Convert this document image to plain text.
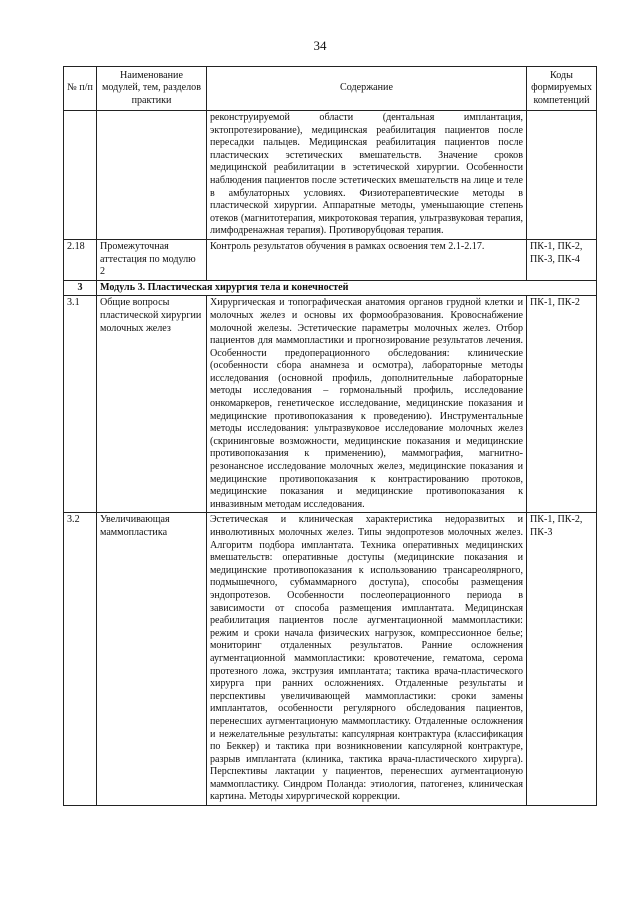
34
№ п/п	Наименование модулей, тем, разделов практики	Содержание	Коды формируемых компетенций
		реконструируемой области (дентальная имплантация, эктопротезирование), медицинская реабилитация пациентов после пересадки пальцев. Медицинская реабилитация пациентов после пластических эстетических вмешательств. Значение сроков медицинской реабилитации в эстетической хирургии. Особенности наблюдения пациентов после эстетических вмешательств на лице и теле в амбулаторных условиях. Физиотерапевтические методы в пластической хирургии. Аппаратные методы, уменьшающие степень отеков (магнитотерапия, микротоковая терапия, ультразвуковая терапия, лимфодренажная терапия). Противорубцовая терапия.	
2.18	Промежуточная аттестация по модулю 2	Контроль результатов обучения в рамках освоения тем 2.1-2.17.	ПК-1, ПК-2, ПК-3, ПК-4
3	Модуль 3. Пластическая хирургия тела и конечностей		
3.1	Общие вопросы пластической хирургии молочных желез	Хирургическая и топографическая анатомия органов грудной клетки и молочных желез и основы их формообразования. Кровоснабжение молочной железы. Эстетические параметры молочных желез. Отбор пациентов для маммопластики и прогнозирование результатов лечения. Особенности предоперационного обследования: клинические (особенности сбора анамнеза и осмотра), лабораторные методы исследования (основной профиль, дополнительные лабораторные методы исследования – гормональный профиль, исследование онкомаркеров, генетическое исследование, медицинские показания и медицинские противопоказания к проведению). Инструментальные методы исследования: ультразвуковое исследование молочных желез (скрининговые возможности, медицинские показания и медицинские противопоказания к применению), маммография, магнитно-резонансное исследование молочных желез, медицинские показания и медицинские противопоказания к контрастированию протоков, медицинские показания и медицинские противопоказания к инвазивным методам исследования.	ПК-1, ПК-2
3.2	Увеличивающая маммопластика	Эстетическая и клиническая характеристика недоразвитых и инволютивных молочных желез. Типы эндопротезов молочных желез. Алгоритм подбора имплантата. Техника оперативных медицинских вмешательств: оперативные доступы (медицинские показания и медицинские противопоказания к использованию трансареолярного, подмышечного, субмаммарного доступа), способы размещения эндопротезов. Особенности послеоперационного периода в зависимости от способа размещения имплантата. Медицинская реабилитация пациентов после аугментационной маммопластики: режим и сроки начала физических нагрузок, компрессионное белье; мониторинг отдаленных результатов. Ранние осложнения аугментационной маммопластики: кровотечение, гематома, серома протезного ложа, экструзия имплантата; тактика врача-пластического хирурга при ранних осложнениях. Отдаленные результаты и перспективы увеличивающей маммопластики: сроки замены имплантатов, особенности регулярного обследования пациентов, перенесших аугментационую маммопластику. Отдаленные осложнения и нежелательные результаты: капсулярная контрактура (классификация по Беккер) и тактика при возникновении капсулярной контрактуре, разрыв имплантата (клиника, тактика врача-пластического хирурга). Перспективы лактации у пациентов, перенесших аугментационую маммопластику. Синдром Поланда: этиология, патогенез, клиническая картина. Методы хирургической коррекции.	ПК-1, ПК-2, ПК-3
